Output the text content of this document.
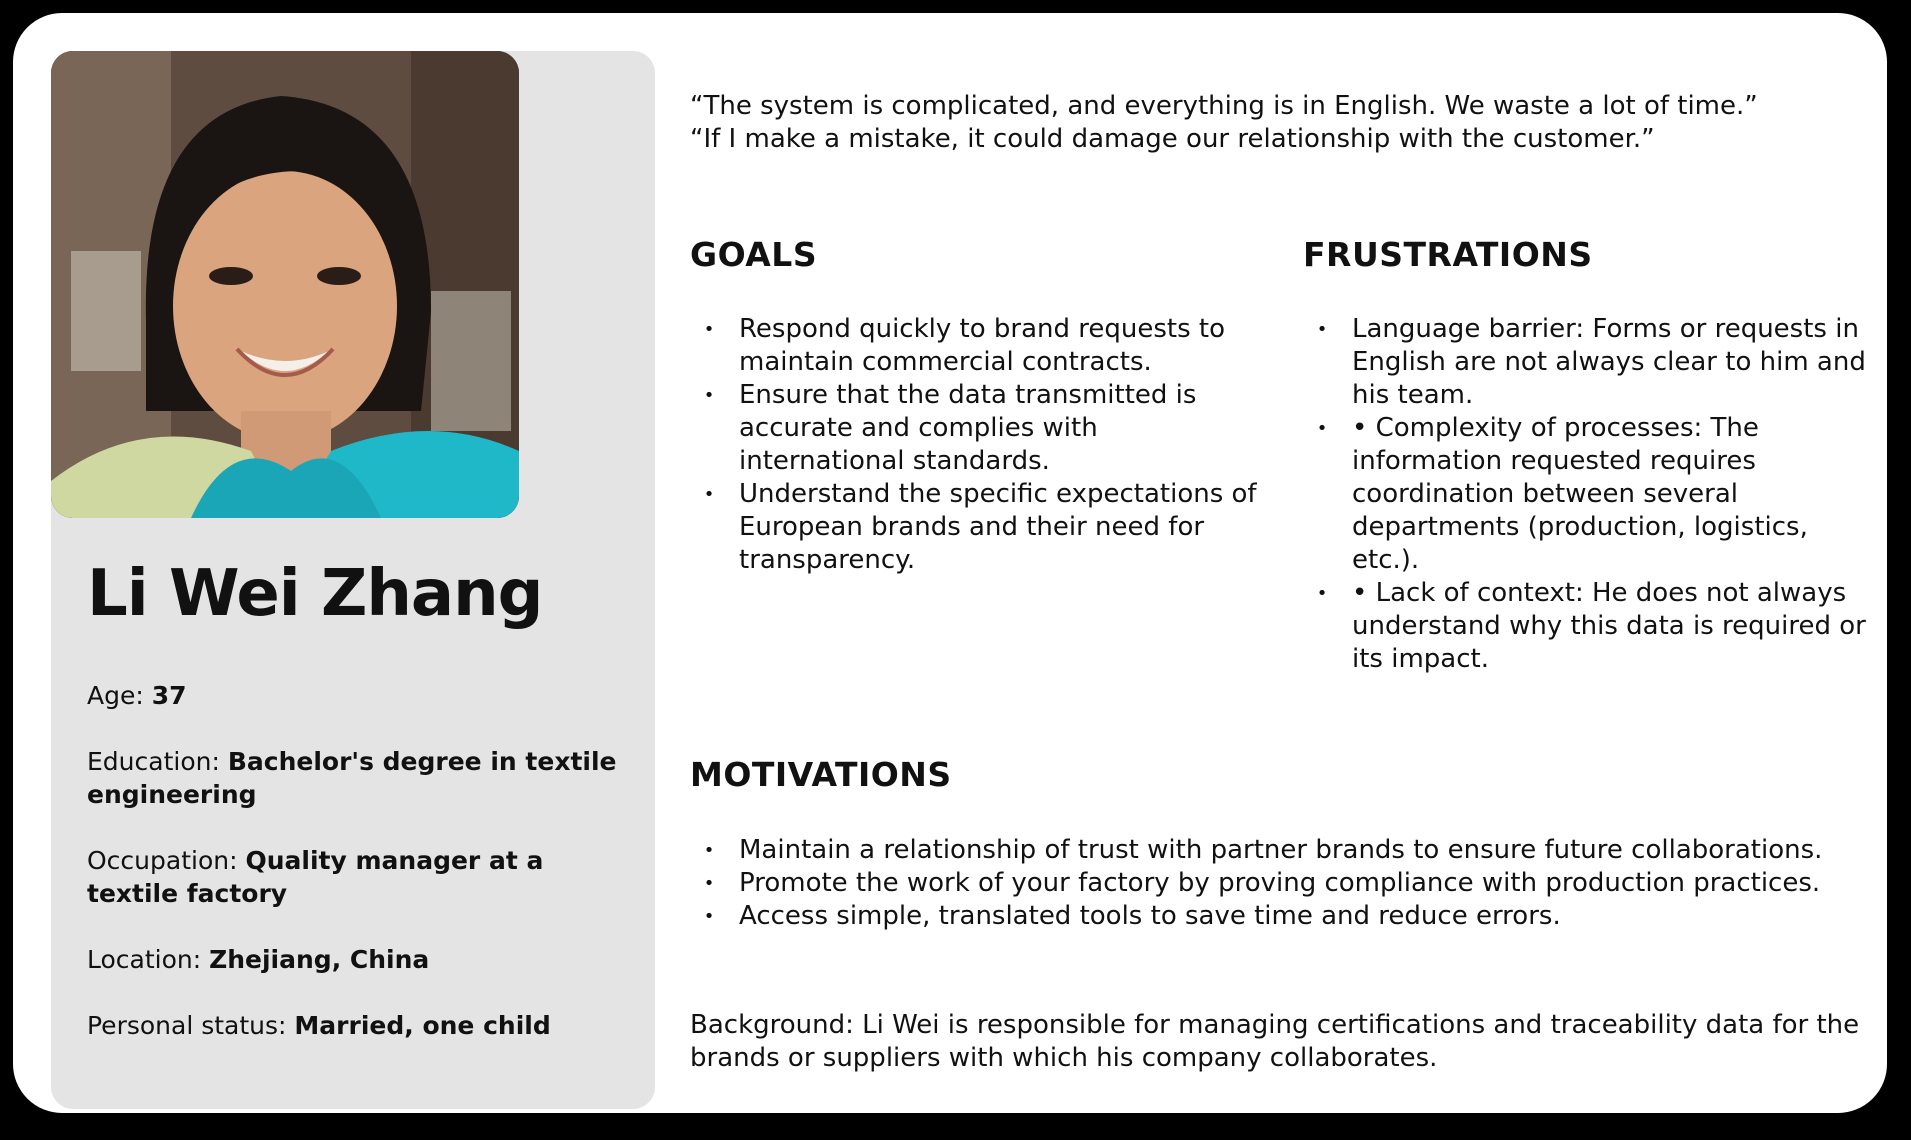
Li Wei Zhang
Age: 37
Education: Bachelor's degree in textile engineering
Occupation: Quality manager at a textile factory
Location: Zhejiang, China
Personal status: Married, one child
“The system is complicated, and everything is in English. We waste a lot of time.”
“If I make a mistake, it could damage our relationship with the customer.”
GOALS
• Respond quickly to brand requests to maintain commercial contracts.
• Ensure that the data transmitted is accurate and complies with international standards.
• Understand the specific expectations of European brands and their need for transparency.
FRUSTRATIONS
• Language barrier: Forms or requests in English are not always clear to him and his team.
• • Complexity of processes: The information requested requires coordination between several departments (production, logistics, etc.).
• • Lack of context: He does not always understand why this data is required or its impact.
MOTIVATIONS
• Maintain a relationship of trust with partner brands to ensure future collaborations.
• Promote the work of your factory by proving compliance with production practices.
• Access simple, translated tools to save time and reduce errors.
Background: Li Wei is responsible for managing certifications and traceability data for the brands or suppliers with which his company collaborates.
